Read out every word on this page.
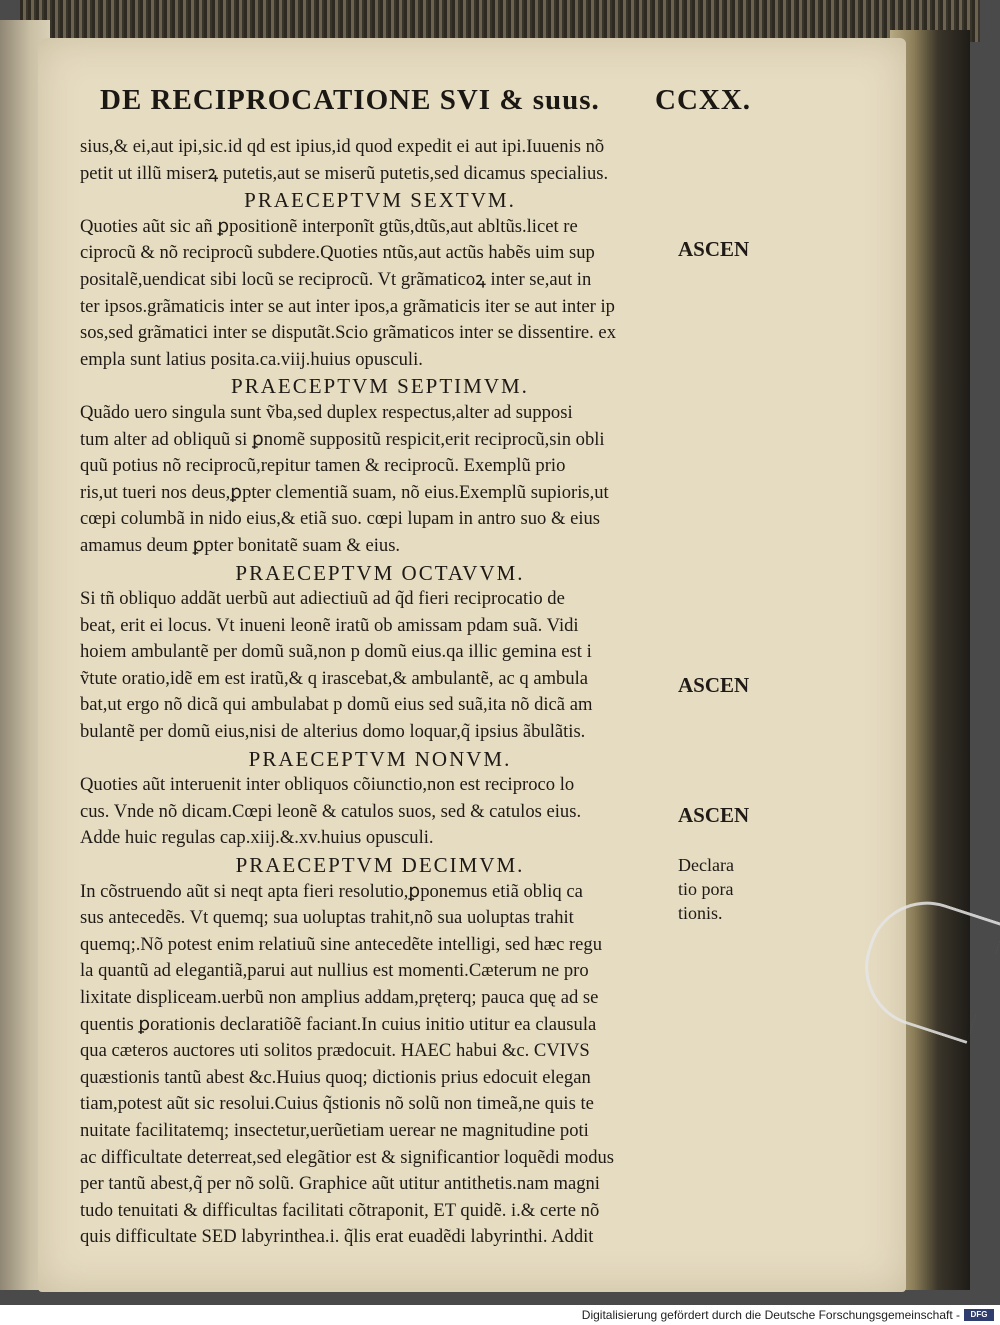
DE RECIPROCATIONE SVI & suus. CCXX.
sius,& ei,aut ipi,sic.id qd est ipius,id quod expedit ei aut ipi.Iuuenis nõ
petit ut illũ miserꝝ putetis,aut se miserũ putetis,sed dicamus specialius.
PRAECEPTVM SEXTVM.
Quoties aũt sic añ ꝑpositionẽ interponĩt gtũs,dtũs,aut abltũs.licet re
ciprocũ & nõ reciprocũ subdere.Quoties ntũs,aut actũs habẽs uim sup
positalẽ,uendicat sibi locũ se reciprocũ. Vt grãmaticoꝝ inter se,aut in
ter ipsos.grãmaticis inter se aut inter ipos,a grãmaticis iter se aut inter ip
sos,sed grãmatici inter se disputãt.Scio grãmaticos inter se dissentire. ex
empla sunt latius posita.ca.viij.huius opusculi.
PRAECEPTVM SEPTIMVM.
Quãdo uero singula sunt ṽba,sed duplex respectus,alter ad supposi
tum alter ad obliquũ si ꝑnomẽ suppositũ respicit,erit reciprocũ,sin obli
quũ potius nõ reciprocũ,repitur tamen & reciprocũ. Exemplũ prio
ris,ut tueri nos deus,ꝑpter clementiã suam, nõ eius.Exemplũ supioris,ut
cœpi columbã in nido eius,& etiã suo. cœpi lupam in antro suo & eius
amamus deum ꝑpter bonitatẽ suam & eius.
PRAECEPTVM OCTAVVM.
Si tñ obliquo addãt uerbũ aut adiectiuũ ad q̃d fieri reciprocatio de
beat, erit ei locus. Vt inueni leonẽ iratũ ob amissam pdam suã. Vidi
hoiem ambulantẽ per domũ suã,non p domũ eius.qa illic gemina est i
ṽtute oratio,idẽ em est iratũ,& q irascebat,& ambulantẽ, ac q ambula
bat,ut ergo nõ dicã qui ambulabat p domũ eius sed suã,ita nõ dicã am
bulantẽ per domũ eius,nisi de alterius domo loquar,q̃ ipsius ãbulãtis.
PRAECEPTVM NONVM.
Quoties aũt interuenit inter obliquos cõiunctio,non est reciproco lo
cus. Vnde nõ dicam.Cœpi leonẽ & catulos suos, sed & catulos eius.
Adde huic regulas cap.xiij.&.xv.huius opusculi.
PRAECEPTVM DECIMVM.
In cõstruendo aũt si neqt apta fieri resolutio,ꝑponemus etiã obliq ca
sus antecedẽs. Vt quemq; sua uoluptas trahit,nõ sua uoluptas trahit
quemq;.Nõ potest enim relatiuũ sine antecedẽte intelligi, sed hæc regu
la quantũ ad elegantiã,parui aut nullius est momenti.Cæterum ne pro
lixitate displiceam.uerbũ non amplius addam,pręterq; pauca quę ad se
quentis ꝑorationis declaratiõẽ faciant.In cuius initio utitur ea clausula
qua cæteros auctores uti solitos prædocuit. HAEC habui &c. CVIVS
quæstionis tantũ abest &c.Huius quoq; dictionis prius edocuit elegan
tiam,potest aũt sic resolui.Cuius q̃stionis nõ solũ non timeã,ne quis te
nuitate facilitatemq; insectetur,uerũetiam uerear ne magnitudine poti
ac difficultate deterreat,sed elegãtior est & significantior loquẽdi modus
per tantũ abest,q̃ per nõ solũ. Graphice aũt utitur antithetis.nam magni
tudo tenuitati & difficultas facilitati cõtraponit, ET quidẽ. i.& certe nõ
quis difficultate SED labyrinthea.i. q̃lis erat euadẽdi labyrinthi. Addit
ASCEN
ASCEN
ASCEN
Declara
tio pora
tionis.
Digitalisierung gefördert durch die Deutsche Forschungsgemeinschaft -	DFG
